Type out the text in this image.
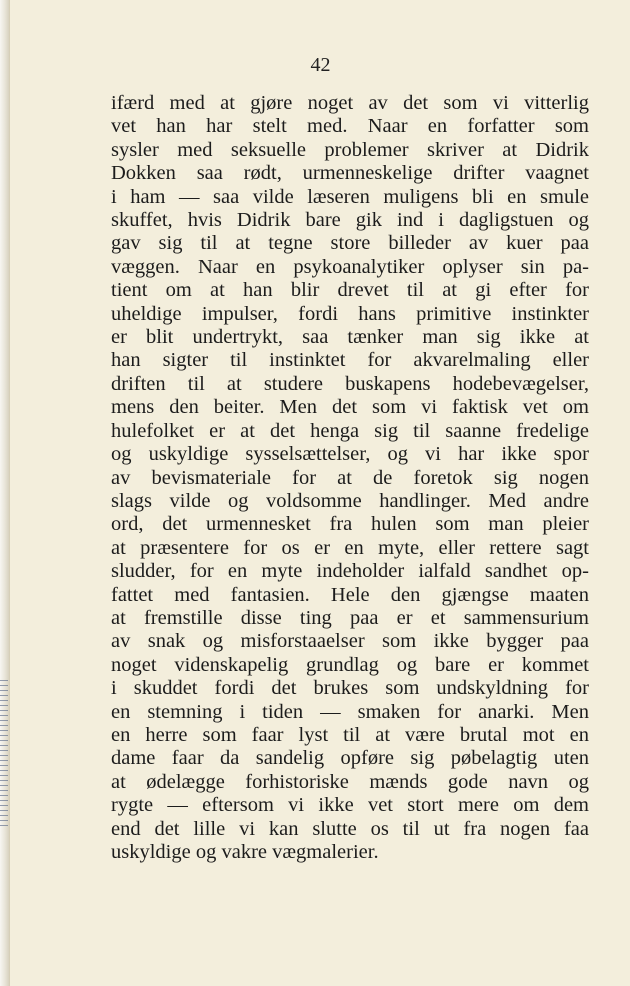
42
ifærd med at gjøre noget av det som vi vitterlig
vet han har stelt med. Naar en forfatter som
sysler med seksuelle problemer skriver at Didrik
Dokken saa rødt, urmenneskelige drifter vaagnet
i ham — saa vilde læseren muligens bli en smule
skuffet, hvis Didrik bare gik ind i dagligstuen og
gav sig til at tegne store billeder av kuer paa
væggen. Naar en psykoanalytiker oplyser sin pa-
tient om at han blir drevet til at gi efter for
uheldige impulser, fordi hans primitive instinkter
er blit undertrykt, saa tænker man sig ikke at
han sigter til instinktet for akvarelmaling eller
driften til at studere buskapens hodebevægelser,
mens den beiter. Men det som vi faktisk vet om
hulefolket er at det henga sig til saanne fredelige
og uskyldige sysselsættelser, og vi har ikke spor
av bevismateriale for at de foretok sig nogen
slags vilde og voldsomme handlinger. Med andre
ord, det urmennesket fra hulen som man pleier
at præsentere for os er en myte, eller rettere sagt
sludder, for en myte indeholder ialfald sandhet op-
fattet med fantasien. Hele den gjængse maaten
at fremstille disse ting paa er et sammensurium
av snak og misforstaaelser som ikke bygger paa
noget videnskapelig grundlag og bare er kommet
i skuddet fordi det brukes som undskyldning for
en stemning i tiden — smaken for anarki. Men
en herre som faar lyst til at være brutal mot en
dame faar da sandelig opføre sig pøbelagtig uten
at ødelægge forhistoriske mænds gode navn og
rygte — eftersom vi ikke vet stort mere om dem
end det lille vi kan slutte os til ut fra nogen faa
uskyldige og vakre vægmalerier.
